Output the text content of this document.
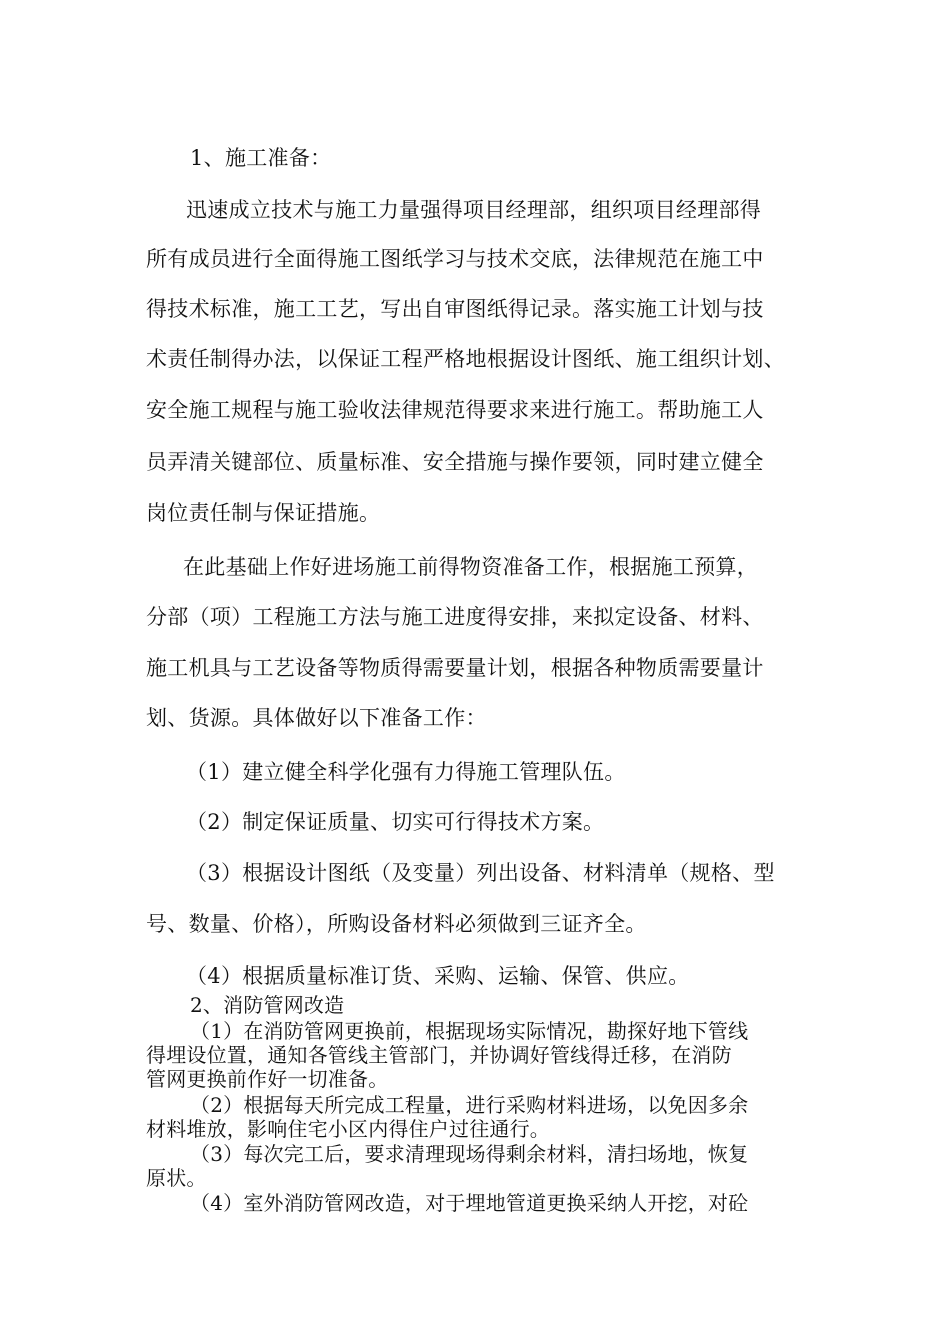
1、施工准备：

迅速成立技术与施工力量强得项目经理部，组织项目经理部得

所有成员进行全面得施工图纸学习与技术交底，法律规范在施工中

得技术标准，施工工艺，写出自审图纸得记录。落实施工计划与技

术责任制得办法，以保证工程严格地根据设计图纸、施工组织计划、

安全施工规程与施工验收法律规范得要求来进行施工。帮助施工人

员弄清关键部位、质量标准、安全措施与操作要领，同时建立健全

岗位责任制与保证措施。

在此基础上作好进场施工前得物资准备工作，根据施工预算，

分部（项）工程施工方法与施工进度得安排，来拟定设备、材料、

施工机具与工艺设备等物质得需要量计划，根据各种物质需要量计

划、货源。具体做好以下准备工作：

（1）建立健全科学化强有力得施工管理队伍。

（2）制定保证质量、切实可行得技术方案。

（3）根据设计图纸（及变量）列出设备、材料清单（规格、型

号、数量、价格），所购设备材料必须做到三证齐全。

（4）根据质量标准订货、采购、运输、保管、供应。

2、消防管网改造

（1）在消防管网更换前，根据现场实际情况，勘探好地下管线

得埋设位置，通知各管线主管部门，并协调好管线得迁移，在消防

管网更换前作好一切准备。

（2）根据每天所完成工程量，进行采购材料进场，以免因多余

材料堆放，影响住宅小区内得住户过往通行。

（3）每次完工后，要求清理现场得剩余材料，清扫场地，恢复

原状。

（4）室外消防管网改造，对于埋地管道更换采纳人开挖，对砼
